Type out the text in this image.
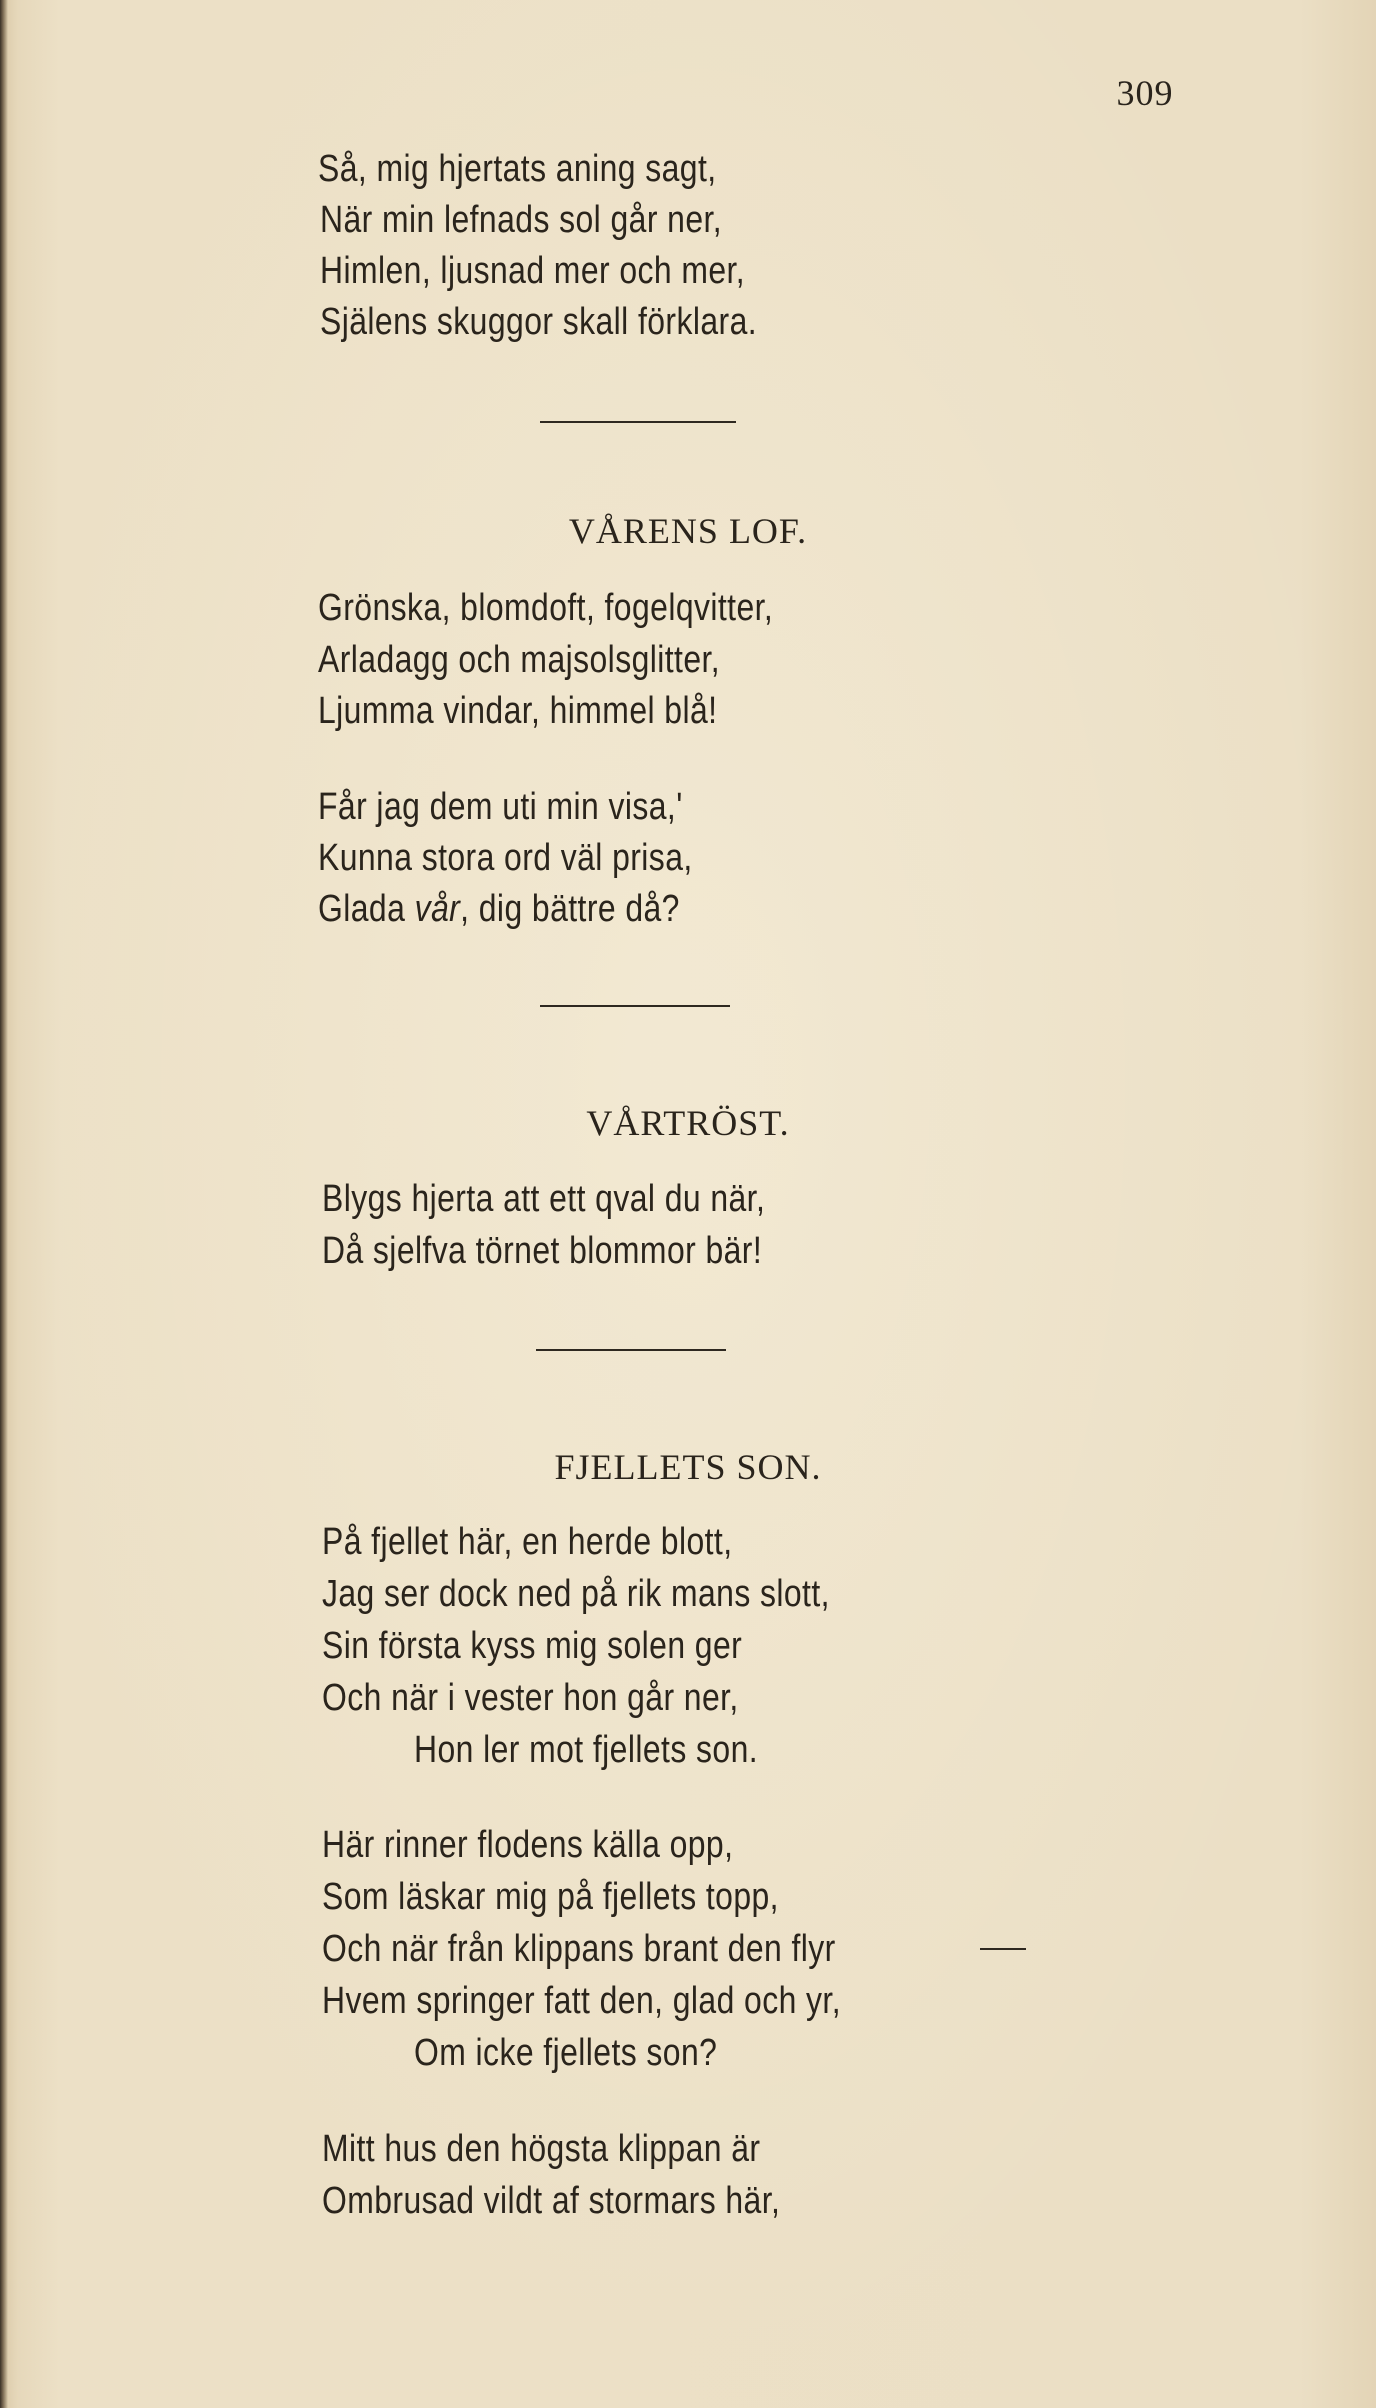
309
Så, mig hjertats aning sagt,
När min lefnads sol går ner,
Himlen, ljusnad mer och mer,
Själens skuggor skall förklara.
VÅRENS LOF.
Grönska, blomdoft, fogelqvitter,
Arladagg och majsolsglitter,
Ljumma vindar, himmel blå!
Får jag dem uti min visa,'
Kunna stora ord väl prisa,
Glada vår, dig bättre då?
VÅRTRÖST.
Blygs hjerta att ett qval du när,
Då sjelfva törnet blommor bär!
FJELLETS SON.
På fjellet här, en herde blott,
Jag ser dock ned på rik mans slott,
Sin första kyss mig solen ger
Och när i vester hon går ner,
Hon ler mot fjellets son.
Här rinner flodens källa opp,
Som läskar mig på fjellets topp,
Och när från klippans brant den flyr
Hvem springer fatt den, glad och yr,
Om icke fjellets son?
Mitt hus den högsta klippan är
Ombrusad vildt af stormars här,
